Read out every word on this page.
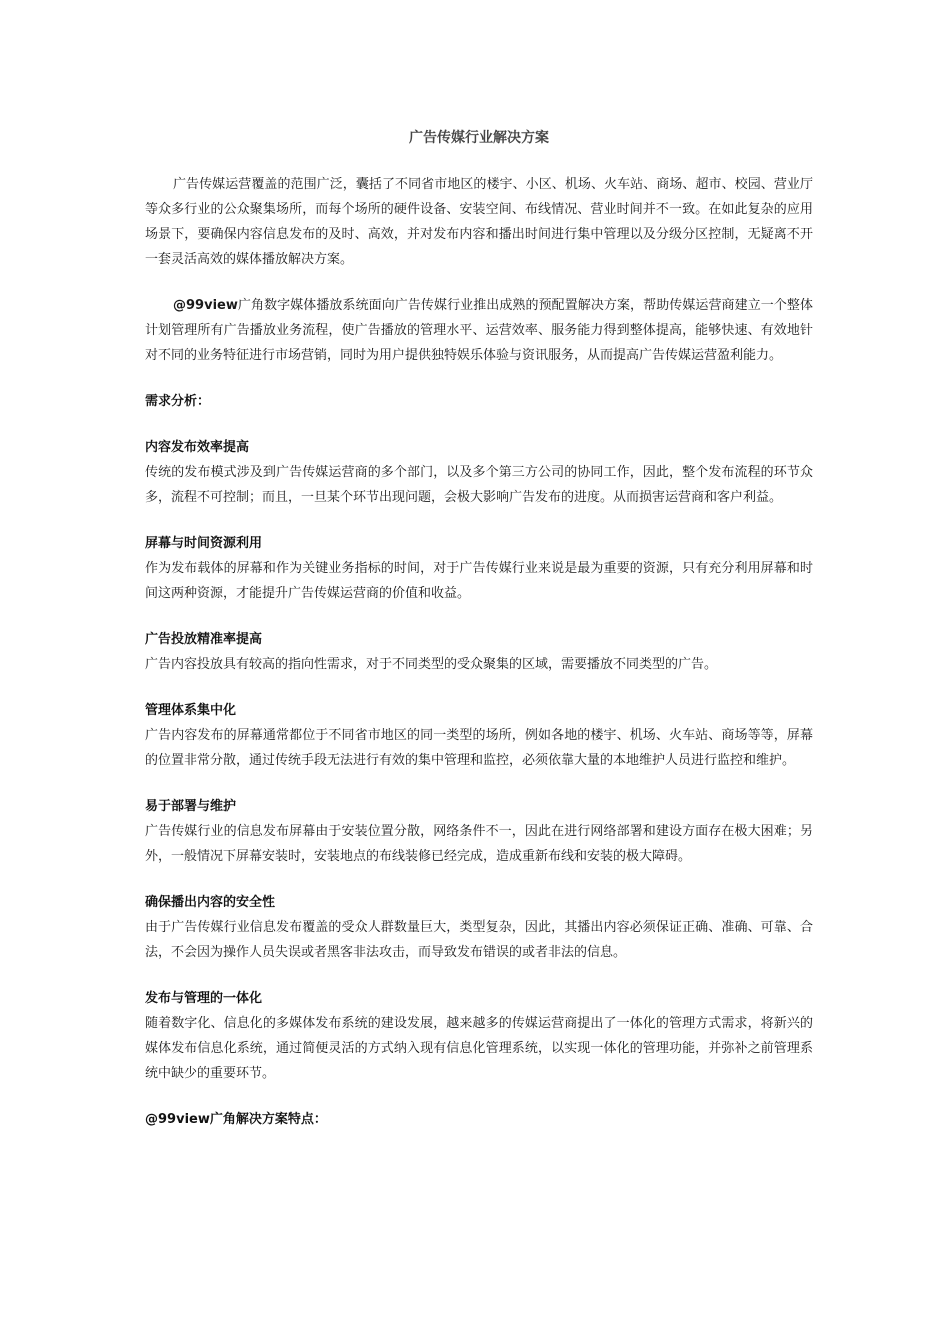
广告传媒行业解决方案

广告传媒运营覆盖的范围广泛，囊括了不同省市地区的楼宇、小区、机场、火车站、商场、超市、校园、营业厅等众多行业的公众聚集场所，而每个场所的硬件设备、安装空间、布线情况、营业时间并不一致。在如此复杂的应用场景下，要确保内容信息发布的及时、高效，并对发布内容和播出时间进行集中管理以及分级分区控制，无疑离不开一套灵活高效的媒体播放解决方案。

@99view广角数字媒体播放系统面向广告传媒行业推出成熟的预配置解决方案，帮助传媒运营商建立一个整体计划管理所有广告播放业务流程，使广告播放的管理水平、运营效率、服务能力得到整体提高，能够快速、有效地针对不同的业务特征进行市场营销，同时为用户提供独特娱乐体验与资讯服务，从而提高广告传媒运营盈利能力。

需求分析：
内容发布效率提高

传统的发布模式涉及到广告传媒运营商的多个部门，以及多个第三方公司的协同工作，因此，整个发布流程的环节众多，流程不可控制；而且，一旦某个环节出现问题，会极大影响广告发布的进度。从而损害运营商和客户利益。

屏幕与时间资源利用

作为发布载体的屏幕和作为关键业务指标的时间，对于广告传媒行业来说是最为重要的资源，只有充分利用屏幕和时间这两种资源，才能提升广告传媒运营商的价值和收益。

广告投放精准率提高

广告内容投放具有较高的指向性需求，对于不同类型的受众聚集的区域，需要播放不同类型的广告。

管理体系集中化

广告内容发布的屏幕通常都位于不同省市地区的同一类型的场所，例如各地的楼宇、机场、火车站、商场等等，屏幕的位置非常分散，通过传统手段无法进行有效的集中管理和监控，必须依靠大量的本地维护人员进行监控和维护。

易于部署与维护

广告传媒行业的信息发布屏幕由于安装位置分散，网络条件不一，因此在进行网络部署和建设方面存在极大困难；另外，一般情况下屏幕安装时，安装地点的布线装修已经完成，造成重新布线和安装的极大障碍。

确保播出内容的安全性

由于广告传媒行业信息发布覆盖的受众人群数量巨大，类型复杂，因此，其播出内容必须保证正确、准确、可靠、合法，不会因为操作人员失误或者黑客非法攻击，而导致发布错误的或者非法的信息。

发布与管理的一体化

随着数字化、信息化的多媒体发布系统的建设发展，越来越多的传媒运营商提出了一体化的管理方式需求，将新兴的媒体发布信息化系统，通过简便灵活的方式纳入现有信息化管理系统，以实现一体化的管理功能，并弥补之前管理系统中缺少的重要环节。

@99view广角解决方案特点：
